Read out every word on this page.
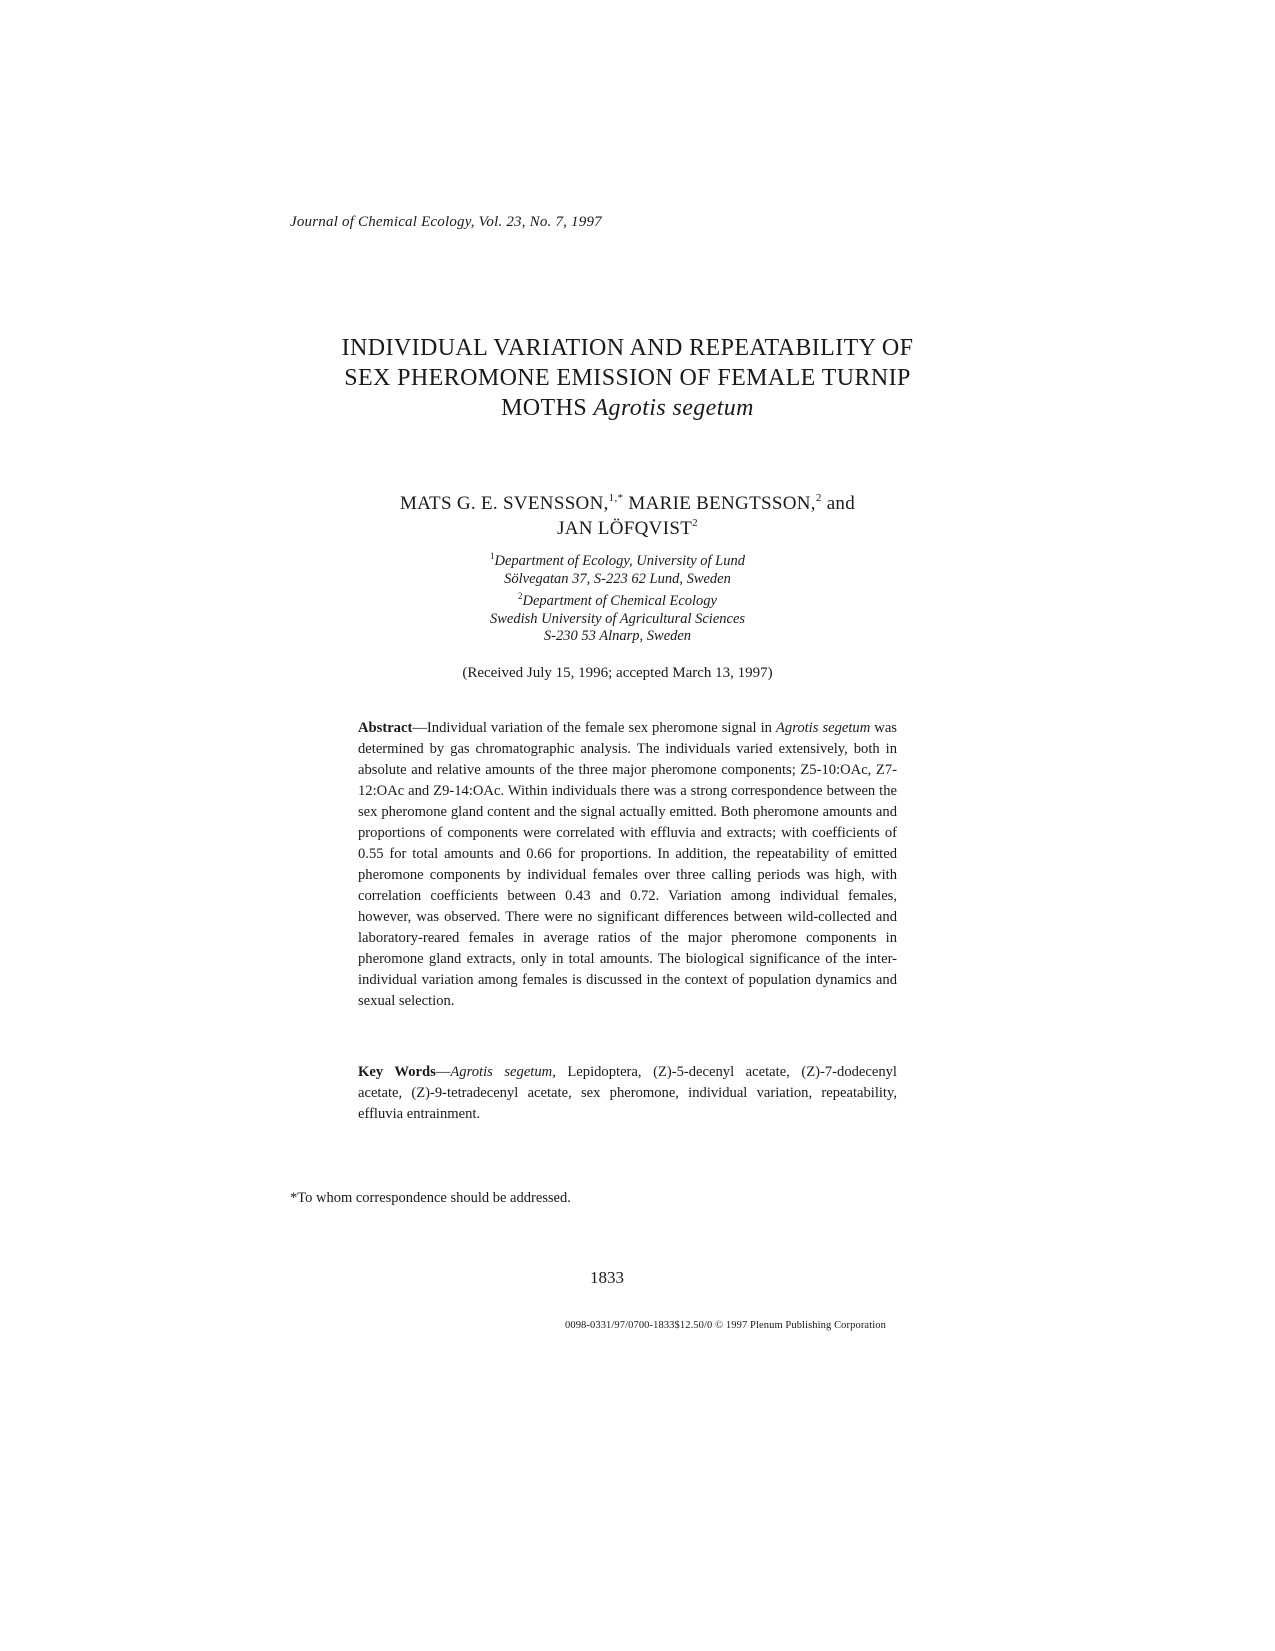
Journal of Chemical Ecology, Vol. 23, No. 7, 1997
INDIVIDUAL VARIATION AND REPEATABILITY OF
SEX PHEROMONE EMISSION OF FEMALE TURNIP
MOTHS Agrotis segetum
MATS G. E. SVENSSON,$^{1,*}$ MARIE BENGTSSON,$^2$ and
JAN LÖFQVIST$^2$

$^1$Department of Ecology, University of Lund

Sölvegatan 37, S-223 62 Lund, Sweden

$^2$Department of Chemical Ecology

Swedish University of Agricultural Sciences

S-230 53 Alnarp, Sweden

(Received July 15, 1996; accepted March 13, 1997)
Abstract—Individual variation of the female sex pheromone signal in Agrotis segetum was determined by gas chromatographic analysis. The individuals varied extensively, both in absolute and relative amounts of the three major pheromone components; Z5-10:OAc, Z7-12:OAc and Z9-14:OAc. Within individuals there was a strong correspondence between the sex pheromone gland content and the signal actually emitted. Both pheromone amounts and proportions of components were correlated with effluvia and extracts; with coefficients of 0.55 for total amounts and 0.66 for proportions. In addition, the repeatability of emitted pheromone components by individual females over three calling periods was high, with correlation coefficients between 0.43 and 0.72. Variation among individual females, however, was observed. There were no significant differences between wild-collected and laboratory-reared females in average ratios of the major pheromone components in pheromone gland extracts, only in total amounts. The biological significance of the inter-individual variation among females is discussed in the context of population dynamics and sexual selection.
Key Words—Agrotis segetum, Lepidoptera, (Z)-5-decenyl acetate, (Z)-7-dodecenyl acetate, (Z)-9-tetradecenyl acetate, sex pheromone, individual variation, repeatability, effluvia entrainment.
*To whom correspondence should be addressed.
1833
0098-0331/97/0700-1833$12.50/0 © 1997 Plenum Publishing Corporation
